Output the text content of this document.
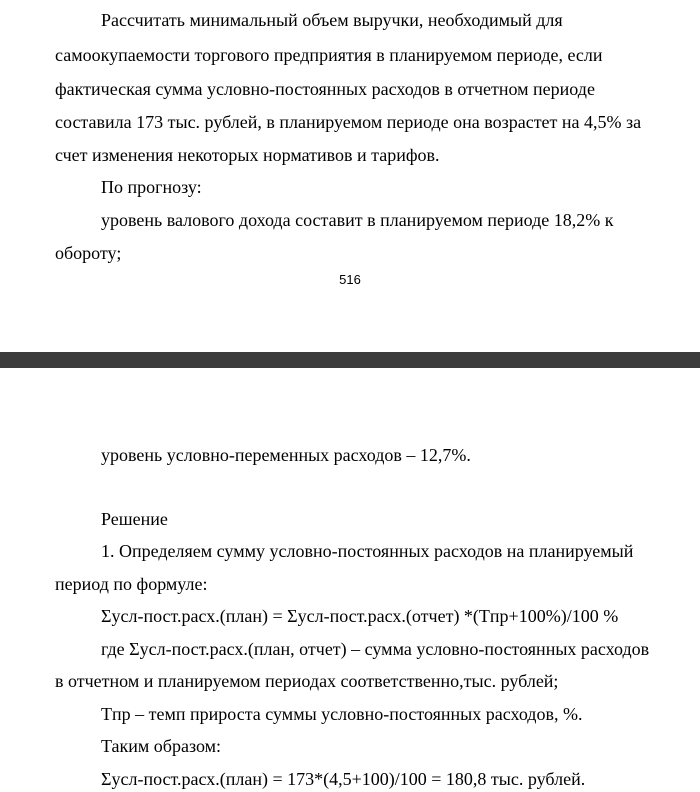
Рассчитать минимальный объем выручки, необходимый для
самоокупаемости торгового предприятия в планируемом периоде, если
фактическая сумма условно-постоянных расходов в отчетном периоде
составила 173 тыс. рублей, в планируемом периоде она возрастет на 4,5% за
счет изменения некоторых нормативов и тарифов.
По прогнозу:
уровень валового дохода составит в планируемом периоде 18,2% к
обороту;
516
уровень условно-переменных расходов – 12,7%.
Решение
1. Определяем сумму условно-постоянных расходов на планируемый
период по формуле:
Σусл-пост.расх.(план) = Σусл-пост.расх.(отчет) *(Tпр+100%)/100 %
где Σусл-пост.расх.(план, отчет) – сумма условно-постоянных расходов
в отчетном и планируемом периодах соответственно,тыс. рублей;
Tпр – темп прироста суммы условно-постоянных расходов, %.
Таким образом:
Σусл-пост.расх.(план) = 173*(4,5+100)/100 = 180,8 тыс. рублей.
